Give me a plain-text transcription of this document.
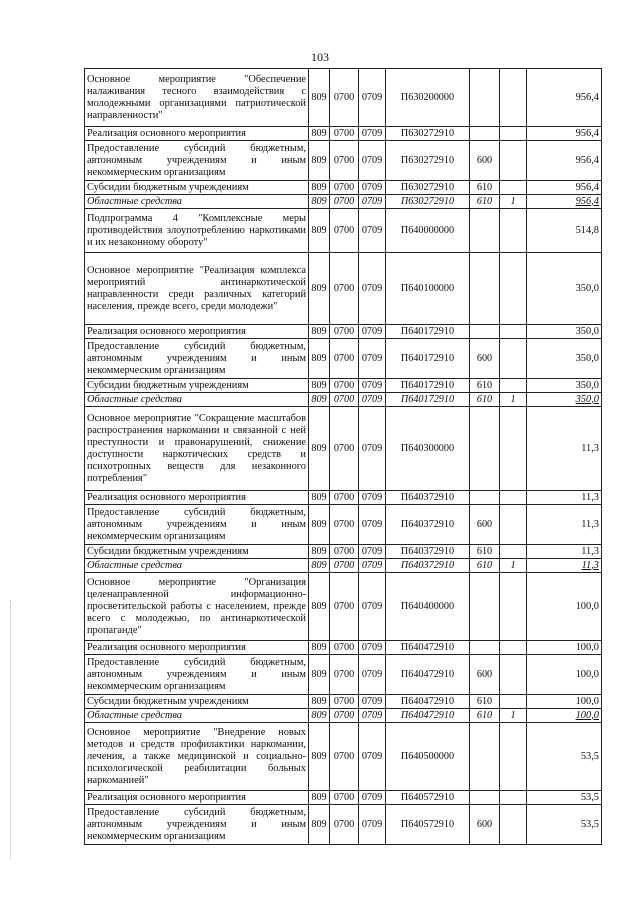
103
Основное мероприятие "Обеспечение налаживания тесного взаимодействия с молодежными организациями патриотической направленности"	809	0700	0709	П630200000			956,4
Реализация основного мероприятия	809	0700	0709	П630272910			956,4
Предоставление субсидий бюджетным, автономным учреждениям и иным некоммерческим организациям	809	0700	0709	П630272910	600		956,4
Субсидии бюджетным учреждениям	809	0700	0709	П630272910	610		956,4
Областные средства	809	0700	0709	П630272910	610	1	956,4
Подпрограмма 4 "Комплексные меры противодействия злоупотреблению наркотиками и их незаконному обороту"	809	0700	0709	П640000000			514,8
Основное мероприятие "Реализация комплекса мероприятий антинаркотической направленности среди различных категорий населения, прежде всего, среди молодежи"	809	0700	0709	П640100000			350,0
Реализация основного мероприятия	809	0700	0709	П640172910			350,0
Предоставление субсидий бюджетным, автономным учреждениям и иным некоммерческим организациям	809	0700	0709	П640172910	600		350,0
Субсидии бюджетным учреждениям	809	0700	0709	П640172910	610		350,0
Областные средства	809	0700	0709	П640172910	610	1	350,0
Основное мероприятие "Сокращение масштабов распространения наркомании и связанной с ней преступности и правонарушений, снижение доступности наркотических средств и психотропных веществ для незаконного потребления"	809	0700	0709	П640300000			11,3
Реализация основного мероприятия	809	0700	0709	П640372910			11,3
Предоставление субсидий бюджетным, автономным учреждениям и иным некоммерческим организациям	809	0700	0709	П640372910	600		11,3
Субсидии бюджетным учреждениям	809	0700	0709	П640372910	610		11,3
Областные средства	809	0700	0709	П640372910	610	1	11,3
Основное мероприятие "Организация целенаправленной информационно-просветительской работы с населением, прежде всего с молодежью, по антинаркотической пропаганде"	809	0700	0709	П640400000			100,0
Реализация основного мероприятия	809	0700	0709	П640472910			100,0
Предоставление субсидий бюджетным, автономным учреждениям и иным некоммерческим организациям	809	0700	0709	П640472910	600		100,0
Субсидии бюджетным учреждениям	809	0700	0709	П640472910	610		100,0
Областные средства	809	0700	0709	П640472910	610	1	100,0
Основное мероприятие "Внедрение новых методов и средств профилактики наркомании, лечения, а также медицинской и социально-психологической реабилитации больных наркоманией"	809	0700	0709	П640500000			53,5
Реализация основного мероприятия	809	0700	0709	П640572910			53,5
Предоставление субсидий бюджетным, автономным учреждениям и иным некоммерческим организациям	809	0700	0709	П640572910	600		53,5
